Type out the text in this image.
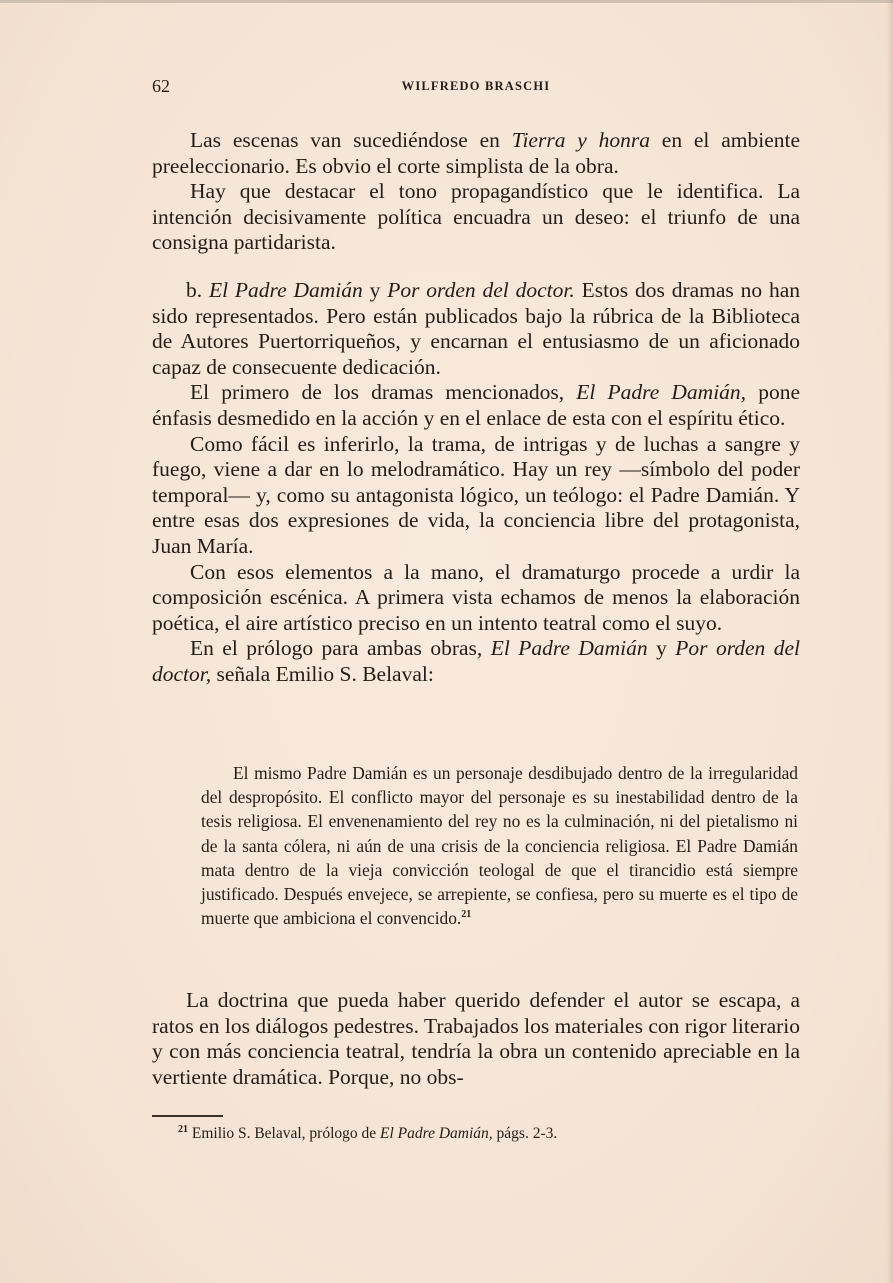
62	WILFREDO BRASCHI

Las escenas van sucediéndose en Tierra y honra en el ambiente preeleccionario. Es obvio el corte simplista de la obra.

Hay que destacar el tono propagandístico que le identifica. La intención decisivamente política encuadra un deseo: el triunfo de una consigna partidarista.

b. El Padre Damián y Por orden del doctor. Estos dos dramas no han sido representados. Pero están publicados bajo la rúbrica de la Biblioteca de Autores Puertorriqueños, y encarnan el entusiasmo de un aficionado capaz de consecuente dedicación.

El primero de los dramas mencionados, El Padre Damián, pone énfasis desmedido en la acción y en el enlace de esta con el espíritu ético.

Como fácil es inferirlo, la trama, de intrigas y de luchas a sangre y fuego, viene a dar en lo melodramático. Hay un rey —símbolo del poder temporal— y, como su antagonista lógico, un teólogo: el Padre Damián. Y entre esas dos expresiones de vida, la conciencia libre del protagonista, Juan María.

Con esos elementos a la mano, el dramaturgo procede a urdir la composición escénica. A primera vista echamos de menos la elaboración poética, el aire artístico preciso en un intento teatral como el suyo.

En el prólogo para ambas obras, El Padre Damián y Por orden del doctor, señala Emilio S. Belaval:

El mismo Padre Damián es un personaje desdibujado dentro de la irregularidad del despropósito. El conflicto mayor del personaje es su inestabilidad dentro de la tesis religiosa. El envenenamiento del rey no es la culminación, ni del pietalismo ni de la santa cólera, ni aún de una crisis de la conciencia religiosa. El Padre Damián mata dentro de la vieja convicción teologal de que el tirancidio está siempre justificado. Después envejece, se arrepiente, se confiesa, pero su muerte es el tipo de muerte que ambiciona el convencido.$^{21}$

La doctrina que pueda haber querido defender el autor se escapa, a ratos en los diálogos pedestres. Trabajados los materiales con rigor literario y con más conciencia teatral, tendría la obra un contenido apreciable en la vertiente dramática. Porque, no obs-

$^{21}$ Emilio S. Belaval, prólogo de El Padre Damián, págs. 2-3.
